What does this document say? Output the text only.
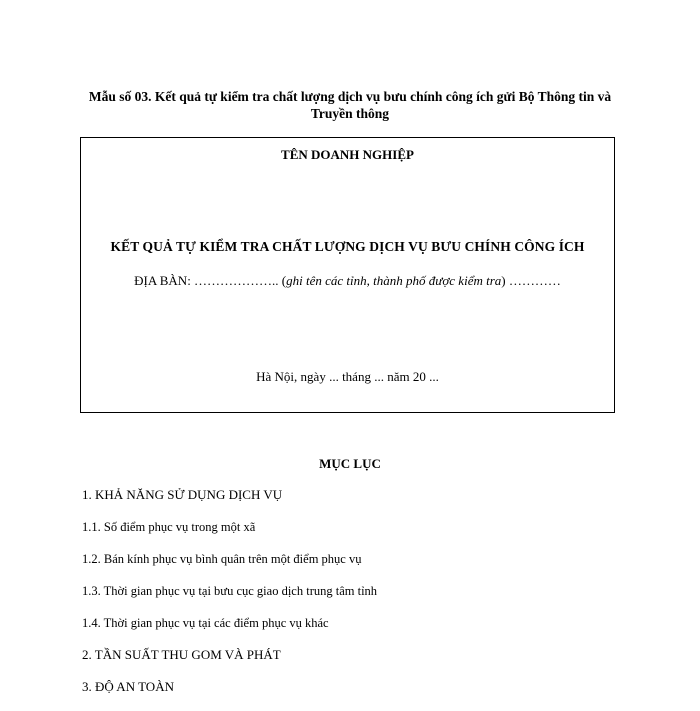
Mẫu số 03. Kết quả tự kiểm tra chất lượng dịch vụ bưu chính công ích gửi Bộ Thông tin và Truyền thông
TÊN DOANH NGHIỆP
KẾT QUẢ TỰ KIỂM TRA CHẤT LƯỢNG DỊCH VỤ BƯU CHÍNH CÔNG ÍCH
ĐỊA BÀN: ……………….. (ghi tên các tỉnh, thành phố được kiểm tra) …………
Hà Nội, ngày ... tháng ... năm 20 ...
MỤC LỤC
1. KHẢ NĂNG SỬ DỤNG DỊCH VỤ
1.1. Số điểm phục vụ trong một xã
1.2. Bán kính phục vụ bình quân trên một điểm phục vụ
1.3. Thời gian phục vụ tại bưu cục giao dịch trung tâm tỉnh
1.4. Thời gian phục vụ tại các điểm phục vụ khác
2. TẦN SUẤT THU GOM VÀ PHÁT
3. ĐỘ AN TOÀN
